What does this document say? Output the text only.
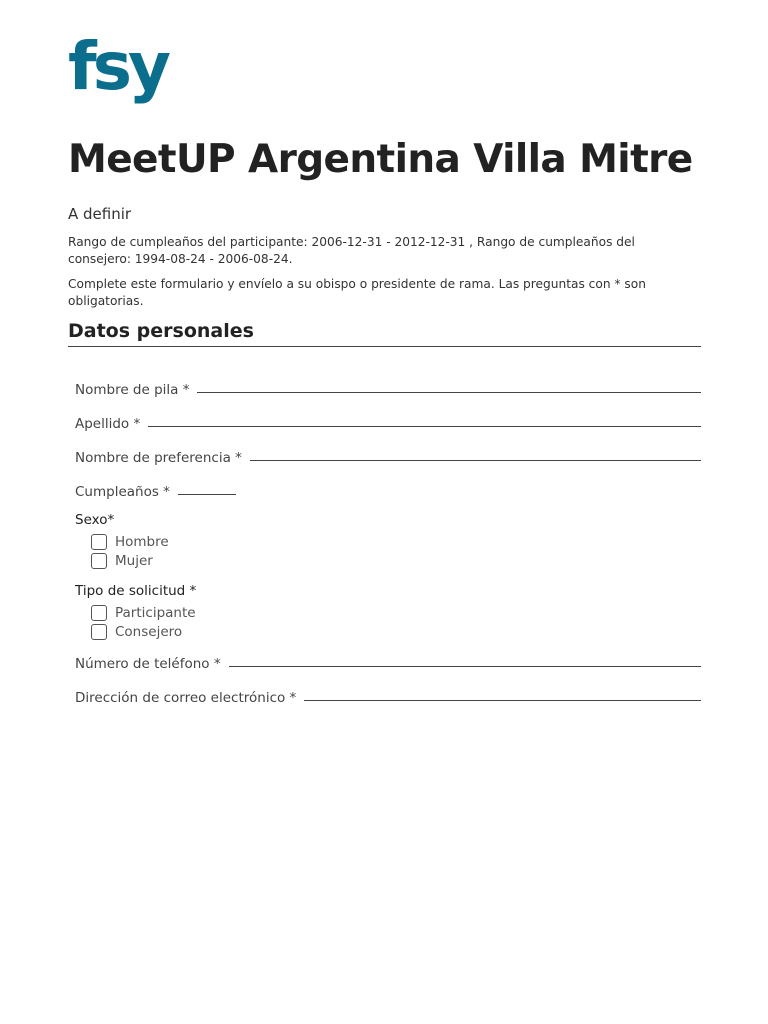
fsy
MeetUP Argentina Villa Mitre

A definir

Rango de cumpleaños del participante: 2006-12-31 - 2012-12-31 , Rango de cumpleaños del consejero: 1994-08-24 - 2006-08-24.

Complete este formulario y envíelo a su obispo o presidente de rama. Las preguntas con * son obligatorias.

Datos personales
Nombre de pila *
Apellido *
Nombre de preferencia *
Cumpleaños *
Sexo*
Hombre
Mujer
Tipo de solicitud *
Participante
Consejero
Número de teléfono *
Dirección de correo electrónico *
